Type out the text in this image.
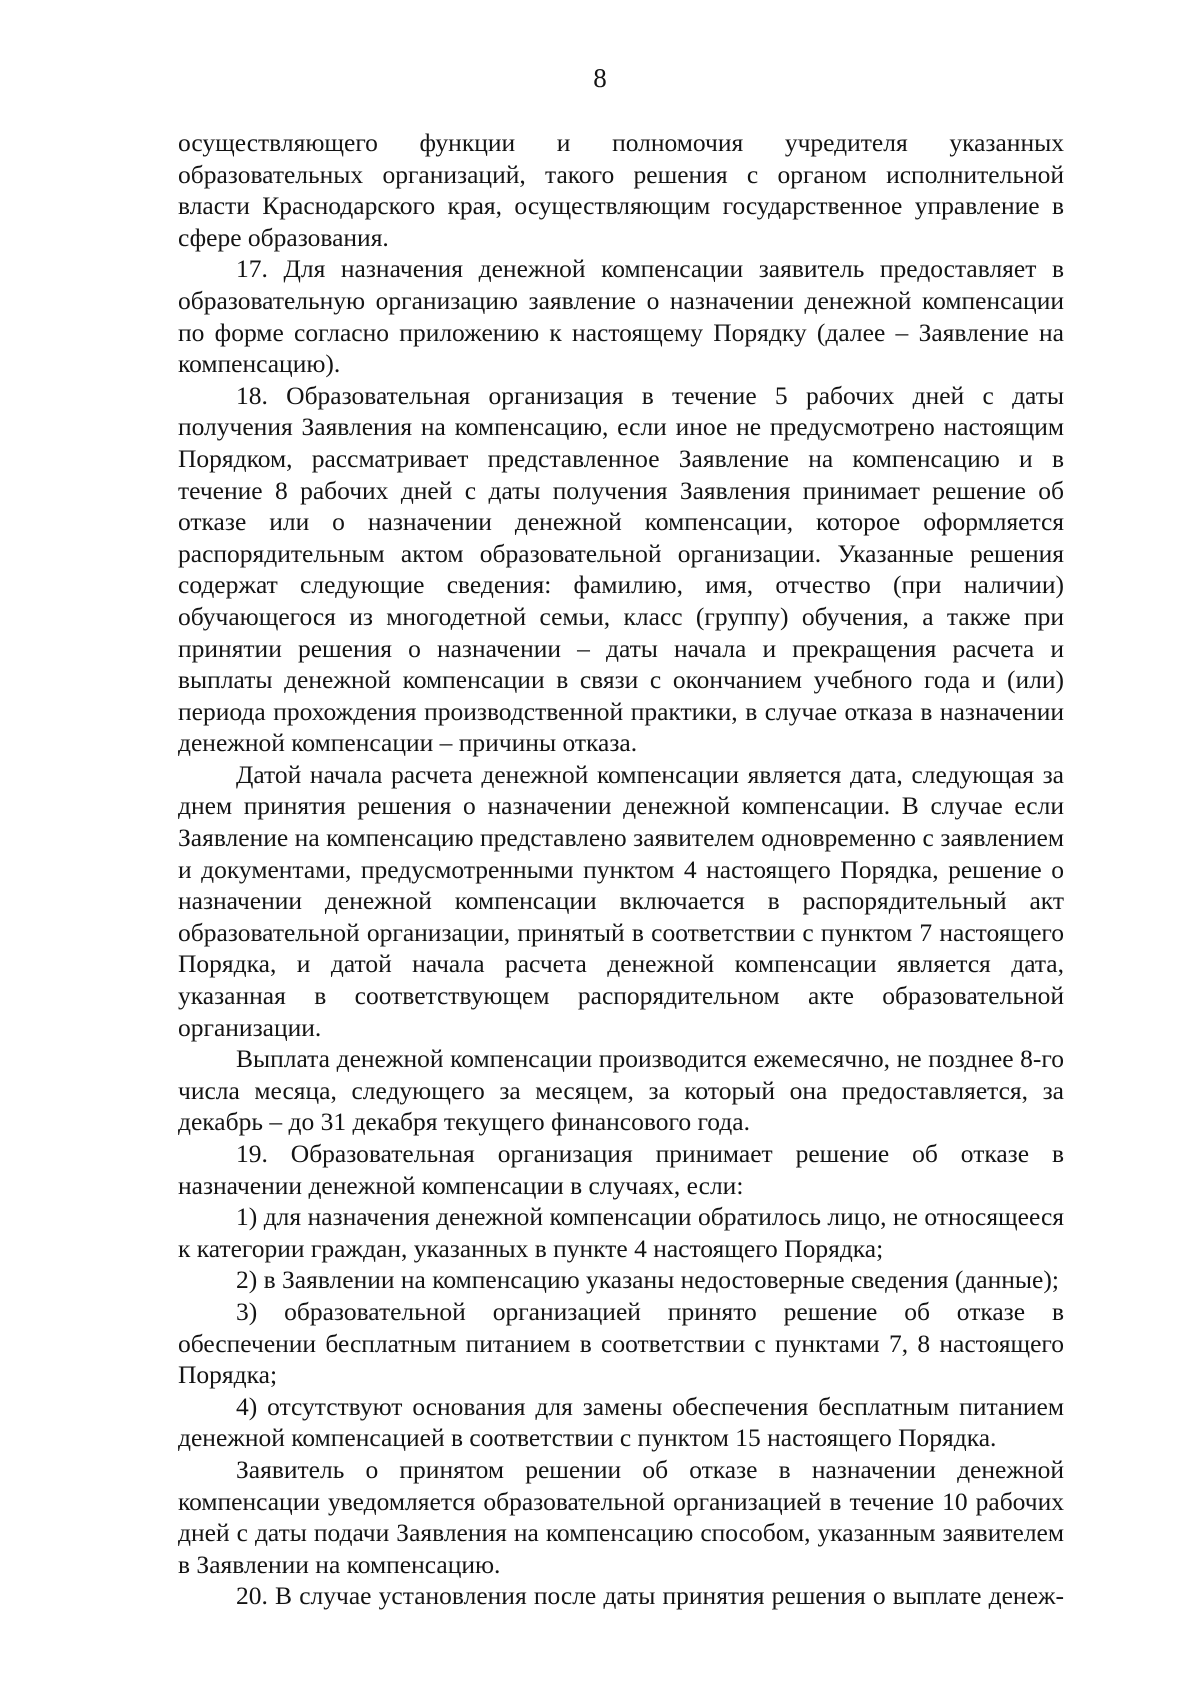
8

осуществляющего функции и полномочия учредителя указанных образовательных организаций, такого решения с органом исполнительной власти Краснодарского края, осуществляющим государственное управление в сфере образования.

17. Для назначения денежной компенсации заявитель предоставляет в образовательную организацию заявление о назначении денежной компенсации по форме согласно приложению к настоящему Порядку (далее – Заявление на компенсацию).

18. Образовательная организация в течение 5 рабочих дней с даты получения Заявления на компенсацию, если иное не предусмотрено настоящим Порядком, рассматривает представленное Заявление на компенсацию и в течение 8 рабочих дней с даты получения Заявления принимает решение об отказе или о назначении денежной компенсации, которое оформляется распорядительным актом образовательной организации. Указанные решения содержат следующие сведения: фамилию, имя, отчество (при наличии) обучающегося из многодетной семьи, класс (группу) обучения, а также при принятии решения о назначении – даты начала и прекращения расчета и выплаты денежной компенсации в связи с окончанием учебного года и (или) периода прохождения производственной практики, в случае отказа в назначении денежной компенсации – причины отказа.

Датой начала расчета денежной компенсации является дата, следующая за днем принятия решения о назначении денежной компенсации. В случае если Заявление на компенсацию представлено заявителем одновременно с заявлением и документами, предусмотренными пунктом 4 настоящего Порядка, решение о назначении денежной компенсации включается в распорядительный акт образовательной организации, принятый в соответствии с пунктом 7 настоящего Порядка, и датой начала расчета денежной компенсации является дата, указанная в соответствующем распорядительном акте образовательной организации.

Выплата денежной компенсации производится ежемесячно, не позднее 8-го числа месяца, следующего за месяцем, за который она предоставляется, за декабрь – до 31 декабря текущего финансового года.

19. Образовательная организация принимает решение об отказе в назначении денежной компенсации в случаях, если:

1) для назначения денежной компенсации обратилось лицо, не относящееся к категории граждан, указанных в пункте 4 настоящего Порядка;

2) в Заявлении на компенсацию указаны недостоверные сведения (данные);

3) образовательной организацией принято решение об отказе в обеспечении бесплатным питанием в соответствии с пунктами 7, 8 настоящего Порядка;

4) отсутствуют основания для замены обеспечения бесплатным питанием денежной компенсацией в соответствии с пунктом 15 настоящего Порядка.

Заявитель о принятом решении об отказе в назначении денежной компенсации уведомляется образовательной организацией в течение 10 рабочих дней с даты подачи Заявления на компенсацию способом, указанным заявителем в Заявлении на компенсацию.

20. В случае установления после даты принятия решения о выплате денеж-
